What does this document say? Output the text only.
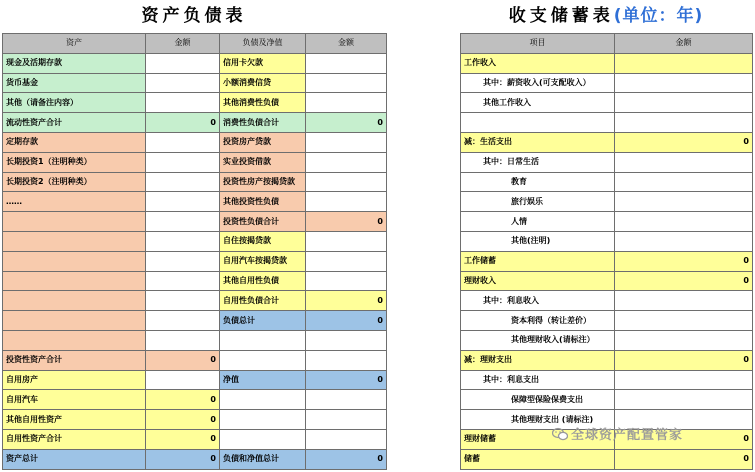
资产负债表	收支储蓄表(单位：年)
资产	金额	负债及净值	金额
现金及活期存款		信用卡欠款	
货币基金		小额消费信贷	
其他（请备注内容）		其他消费性负债	
流动性资产合计	0	消费性负债合计	0
定期存款		投资房产贷款	
长期投资1（注明种类）		实业投资借款	
长期投资2（注明种类）		投资性房产按揭贷款	
……		其他投资性负债	
		投资性负债合计	0
		自住按揭贷款	
		自用汽车按揭贷款	
		其他自用性负债	
		自用性负债合计	0
		负债总计	0

投资性资产合计	0		
自用房产		净值	0
自用汽车	0		
其他自用性资产	0		
自用性资产合计	0		
资产总计	0	负债和净值总计	0
项目	金额
工作收入	
其中：薪资收入(可支配收入）	
其他工作收入	

减：生活支出	0
其中：日常生活	
教育	
旅行娱乐	
人情	
其他(注明)	
工作储蓄	0
理财收入	0
其中：利息收入	
资本利得（转让差价）	
其他理财收入(请标注）	
减：理财支出	0
其中：利息支出	
保障型保险保费支出	
其他理财支出 (请标注)	
理财储蓄	0
储蓄	0
全球资产配置管家
